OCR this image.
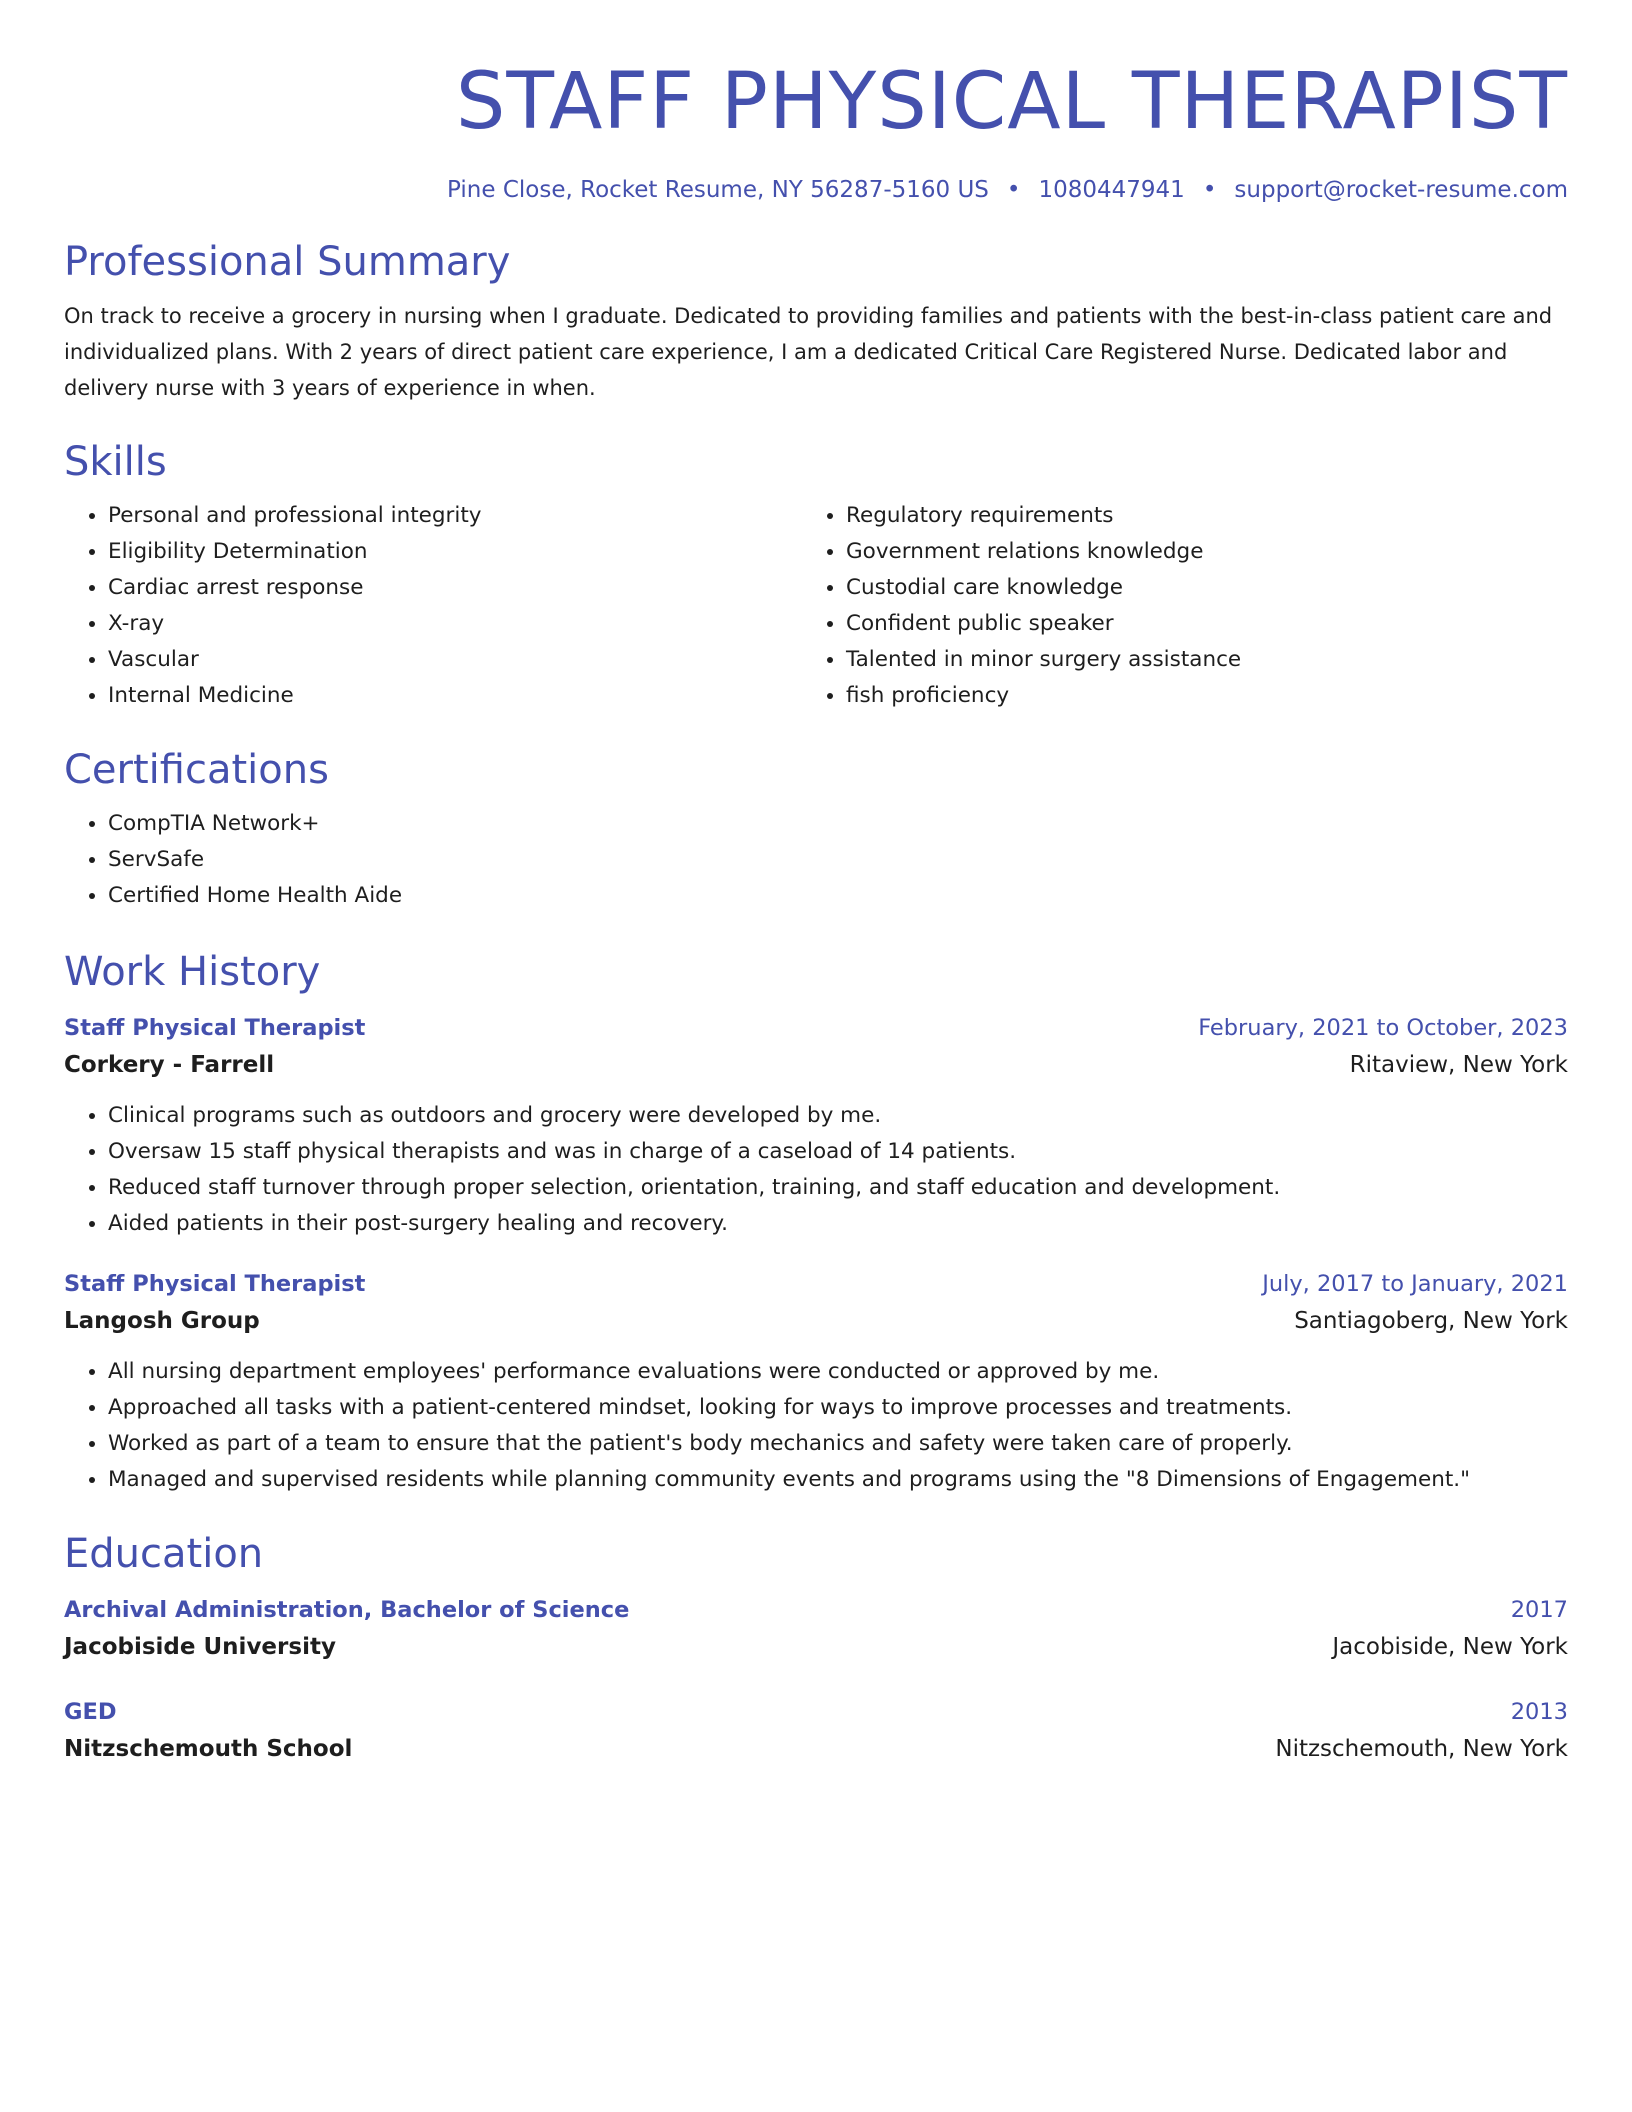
STAFF PHYSICAL THERAPIST
Pine Close, Rocket Resume, NY 56287-5160 US • 1080447941 • support@rocket-resume.com
Professional Summary

On track to receive a grocery in nursing when I graduate. Dedicated to providing families and patients with the best-in-class patient care and individualized plans. With 2 years of direct patient care experience, I am a dedicated Critical Care Registered Nurse. Dedicated labor and delivery nurse with 3 years of experience in when.

Skills
• Personal and professional integrity
• Eligibility Determination
• Cardiac arrest response
• X-ray
• Vascular
• Internal Medicine
• Regulatory requirements
• Government relations knowledge
• Custodial care knowledge
• Confident public speaker
• Talented in minor surgery assistance
• fish proficiency
Certifications
• CompTIA Network+
• ServSafe
• Certified Home Health Aide
Work History
Staff Physical Therapist	February, 2021 to October, 2023
Corkery - Farrell	Ritaview, New York
• Clinical programs such as outdoors and grocery were developed by me.
• Oversaw 15 staff physical therapists and was in charge of a caseload of 14 patients.
• Reduced staff turnover through proper selection, orientation, training, and staff education and development.
• Aided patients in their post-surgery healing and recovery.
Staff Physical Therapist	July, 2017 to January, 2021
Langosh Group	Santiagoberg, New York
• All nursing department employees' performance evaluations were conducted or approved by me.
• Approached all tasks with a patient-centered mindset, looking for ways to improve processes and treatments.
• Worked as part of a team to ensure that the patient's body mechanics and safety were taken care of properly.
• Managed and supervised residents while planning community events and programs using the "8 Dimensions of Engagement."
Education
Archival Administration, Bachelor of Science	2017
Jacobiside University	Jacobiside, New York
GED	2013
Nitzschemouth School	Nitzschemouth, New York
